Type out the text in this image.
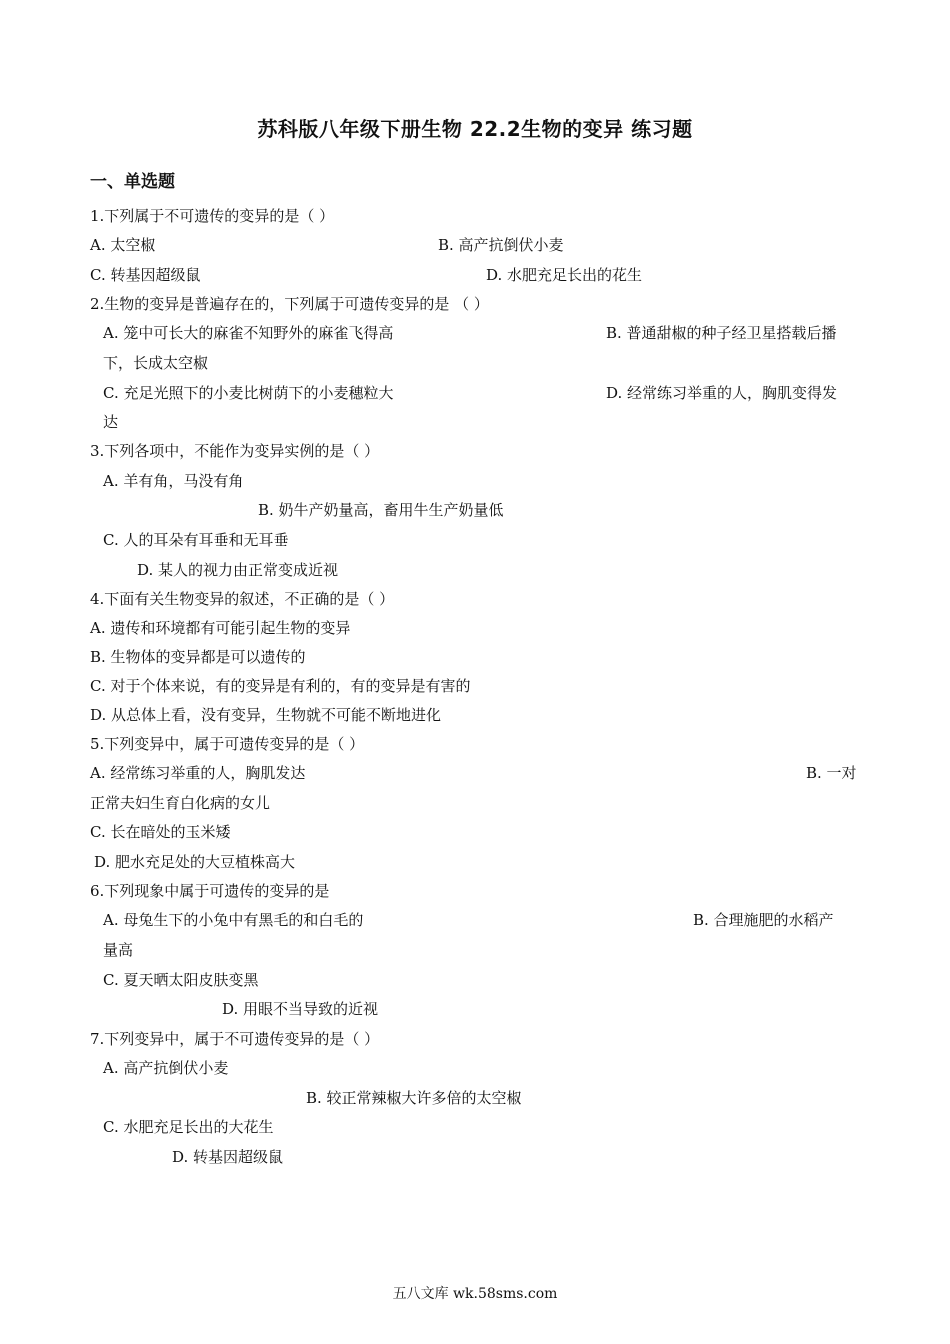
苏科版八年级下册生物 22.2生物的变异 练习题
一、单选题
1.下列属于不可遗传的变异的是（ ）
A. 太空椒	B. 高产抗倒伏小麦
C. 转基因超级鼠	D. 水肥充足长出的花生
2.生物的变异是普遍存在的，下列属于可遗传变异的是 （ ）
A. 笼中可长大的麻雀不知野外的麻雀飞得高	B. 普通甜椒的种子经卫星搭载后播
下，长成太空椒
C. 充足光照下的小麦比树荫下的小麦穗粒大	D. 经常练习举重的人，胸肌变得发
达
3.下列各项中，不能作为变异实例的是（ ）
A. 羊有角，马没有角
B. 奶牛产奶量高，畜用牛生产奶量低
C. 人的耳朵有耳垂和无耳垂
D. 某人的视力由正常变成近视
4.下面有关生物变异的叙述，不正确的是（ ）
A. 遗传和环境都有可能引起生物的变异
B. 生物体的变异都是可以遗传的
C. 对于个体来说，有的变异是有利的，有的变异是有害的
D. 从总体上看，没有变异，生物就不可能不断地进化
5.下列变异中，属于可遗传变异的是（ ）
A. 经常练习举重的人，胸肌发达	B. 一对
正常夫妇生育白化病的女儿
C. 长在暗处的玉米矮
D. 肥水充足处的大豆植株高大
6.下列现象中属于可遗传的变异的是
A. 母兔生下的小兔中有黑毛的和白毛的	B. 合理施肥的水稻产
量高
C. 夏天晒太阳皮肤变黑
D. 用眼不当导致的近视
7.下列变异中，属于不可遗传变异的是（ ）
A. 高产抗倒伏小麦
B. 较正常辣椒大许多倍的太空椒
C. 水肥充足长出的大花生
D. 转基因超级鼠
五八文库 wk.58sms.com
